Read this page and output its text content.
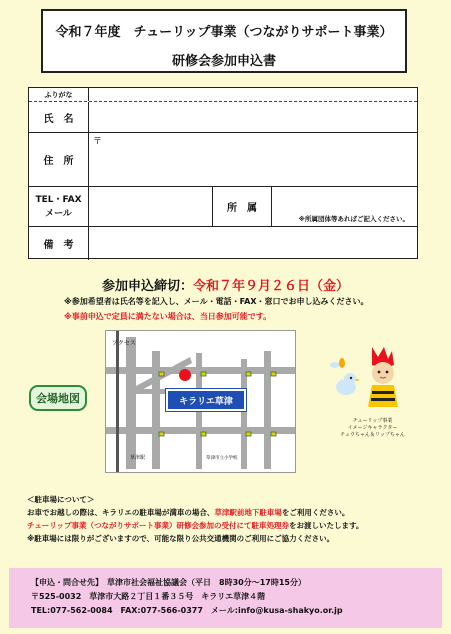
令和７年度　チューリップ事業（つながりサポート事業）
研修会参加申込書
ふりがな
氏　名
住　所
〒
TEL・FAX
メール	所　属
※所属団体等あればご記入ください。
備　考
参加申込締切：令和７年９月２６日（金）
※参加希望者は氏名等を記入し、メール・電話・FAX・窓口でお申し込みください。
※事前申込で定員に満たない場合は、当日参加可能です。
会場地図
アクセス
草津市立小学校
草津駅
キラリエ草津
チューリップ事業
イメージキャラクター
チュウちゃん＆リップちゃん
＜駐車場について＞
お車でお越しの際は、キラリエの駐車場が満車の場合、草津駅前地下駐車場をご利用ください。
チューリップ事業（つながりサポート事業）研修会参加の受付にて駐車処理券をお渡しいたします。
※駐車場には限りがございますので、可能な限り公共交通機関のご利用にご協力ください。
【申込・問合せ先】　草津市社会福祉協議会（平日　8時30分～17時15分）
〒525-0032　草津市大路２丁目１番３５号　キラリエ草津４階
TEL:077-562-0084　FAX:077-566-0377　メール:info@kusa-shakyo.or.jp
